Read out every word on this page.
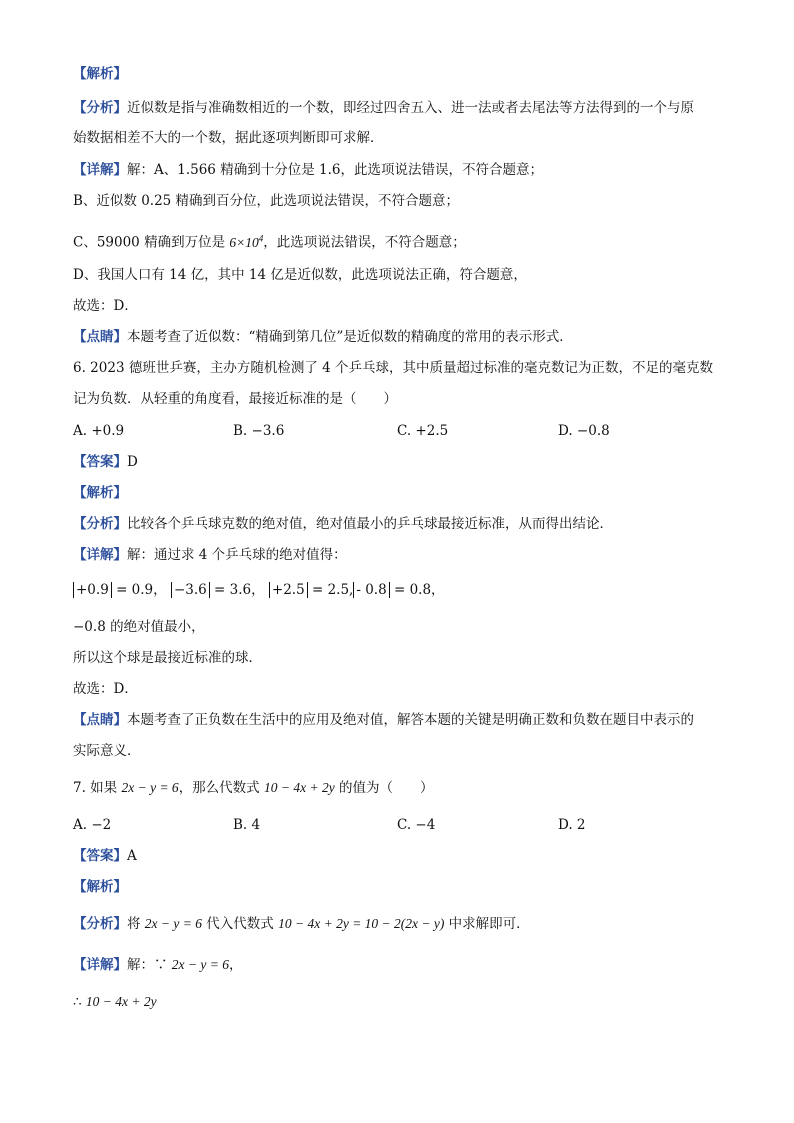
【解析】
【分析】近似数是指与准确数相近的一个数，即经过四舍五入、进一法或者去尾法等方法得到的一个与原
始数据相差不大的一个数，据此逐项判断即可求解．
【详解】解：A、1.566 精确到十分位是 1.6，此选项说法错误，不符合题意；
B、近似数 0.25 精确到百分位，此选项说法错误，不符合题意；
C、59000 精确到万位是 $6\times 10^4$，此选项说法错误，不符合题意；
D、我国人口有 14 亿，其中 14 亿是近似数，此选项说法正确，符合题意，
故选：D．
【点睛】本题考查了近似数：“精确到第几位”是近似数的精确度的常用的表示形式．
6. 2023 德班世乒赛，主办方随机检测了 4 个乒乓球，其中质量超过标准的毫克数记为正数，不足的毫克数
记为负数．从轻重的角度看，最接近标准的是（　　）
A. +0.9	B. −3.6	C. +2.5	D. −0.8
【答案】D
【解析】
【分析】比较各个乒乓球克数的绝对值，绝对值最小的乒乓球最接近标准，从而得出结论．
【详解】解：通过求 4 个乒乓球的绝对值得：
+0.9 = 0.9， −3.6 = 3.6， +2.5 = 2.5, - 0.8 = 0.8，
−0.8 的绝对值最小，
所以这个球是最接近标准的球．
故选：D．
【点睛】本题考查了正负数在生活中的应用及绝对值，解答本题的关键是明确正数和负数在题目中表示的
实际意义．
7. 如果 2x − y = 6，那么代数式 10 − 4x + 2y 的值为（　　）
A. −2	B. 4	C. −4	D. 2
【答案】A
【解析】
【分析】将 2x − y = 6 代入代数式 10 − 4x + 2y = 10 − 2(2x − y) 中求解即可．
【详解】解：∵ 2x − y = 6，
∴ 10 − 4x + 2y
